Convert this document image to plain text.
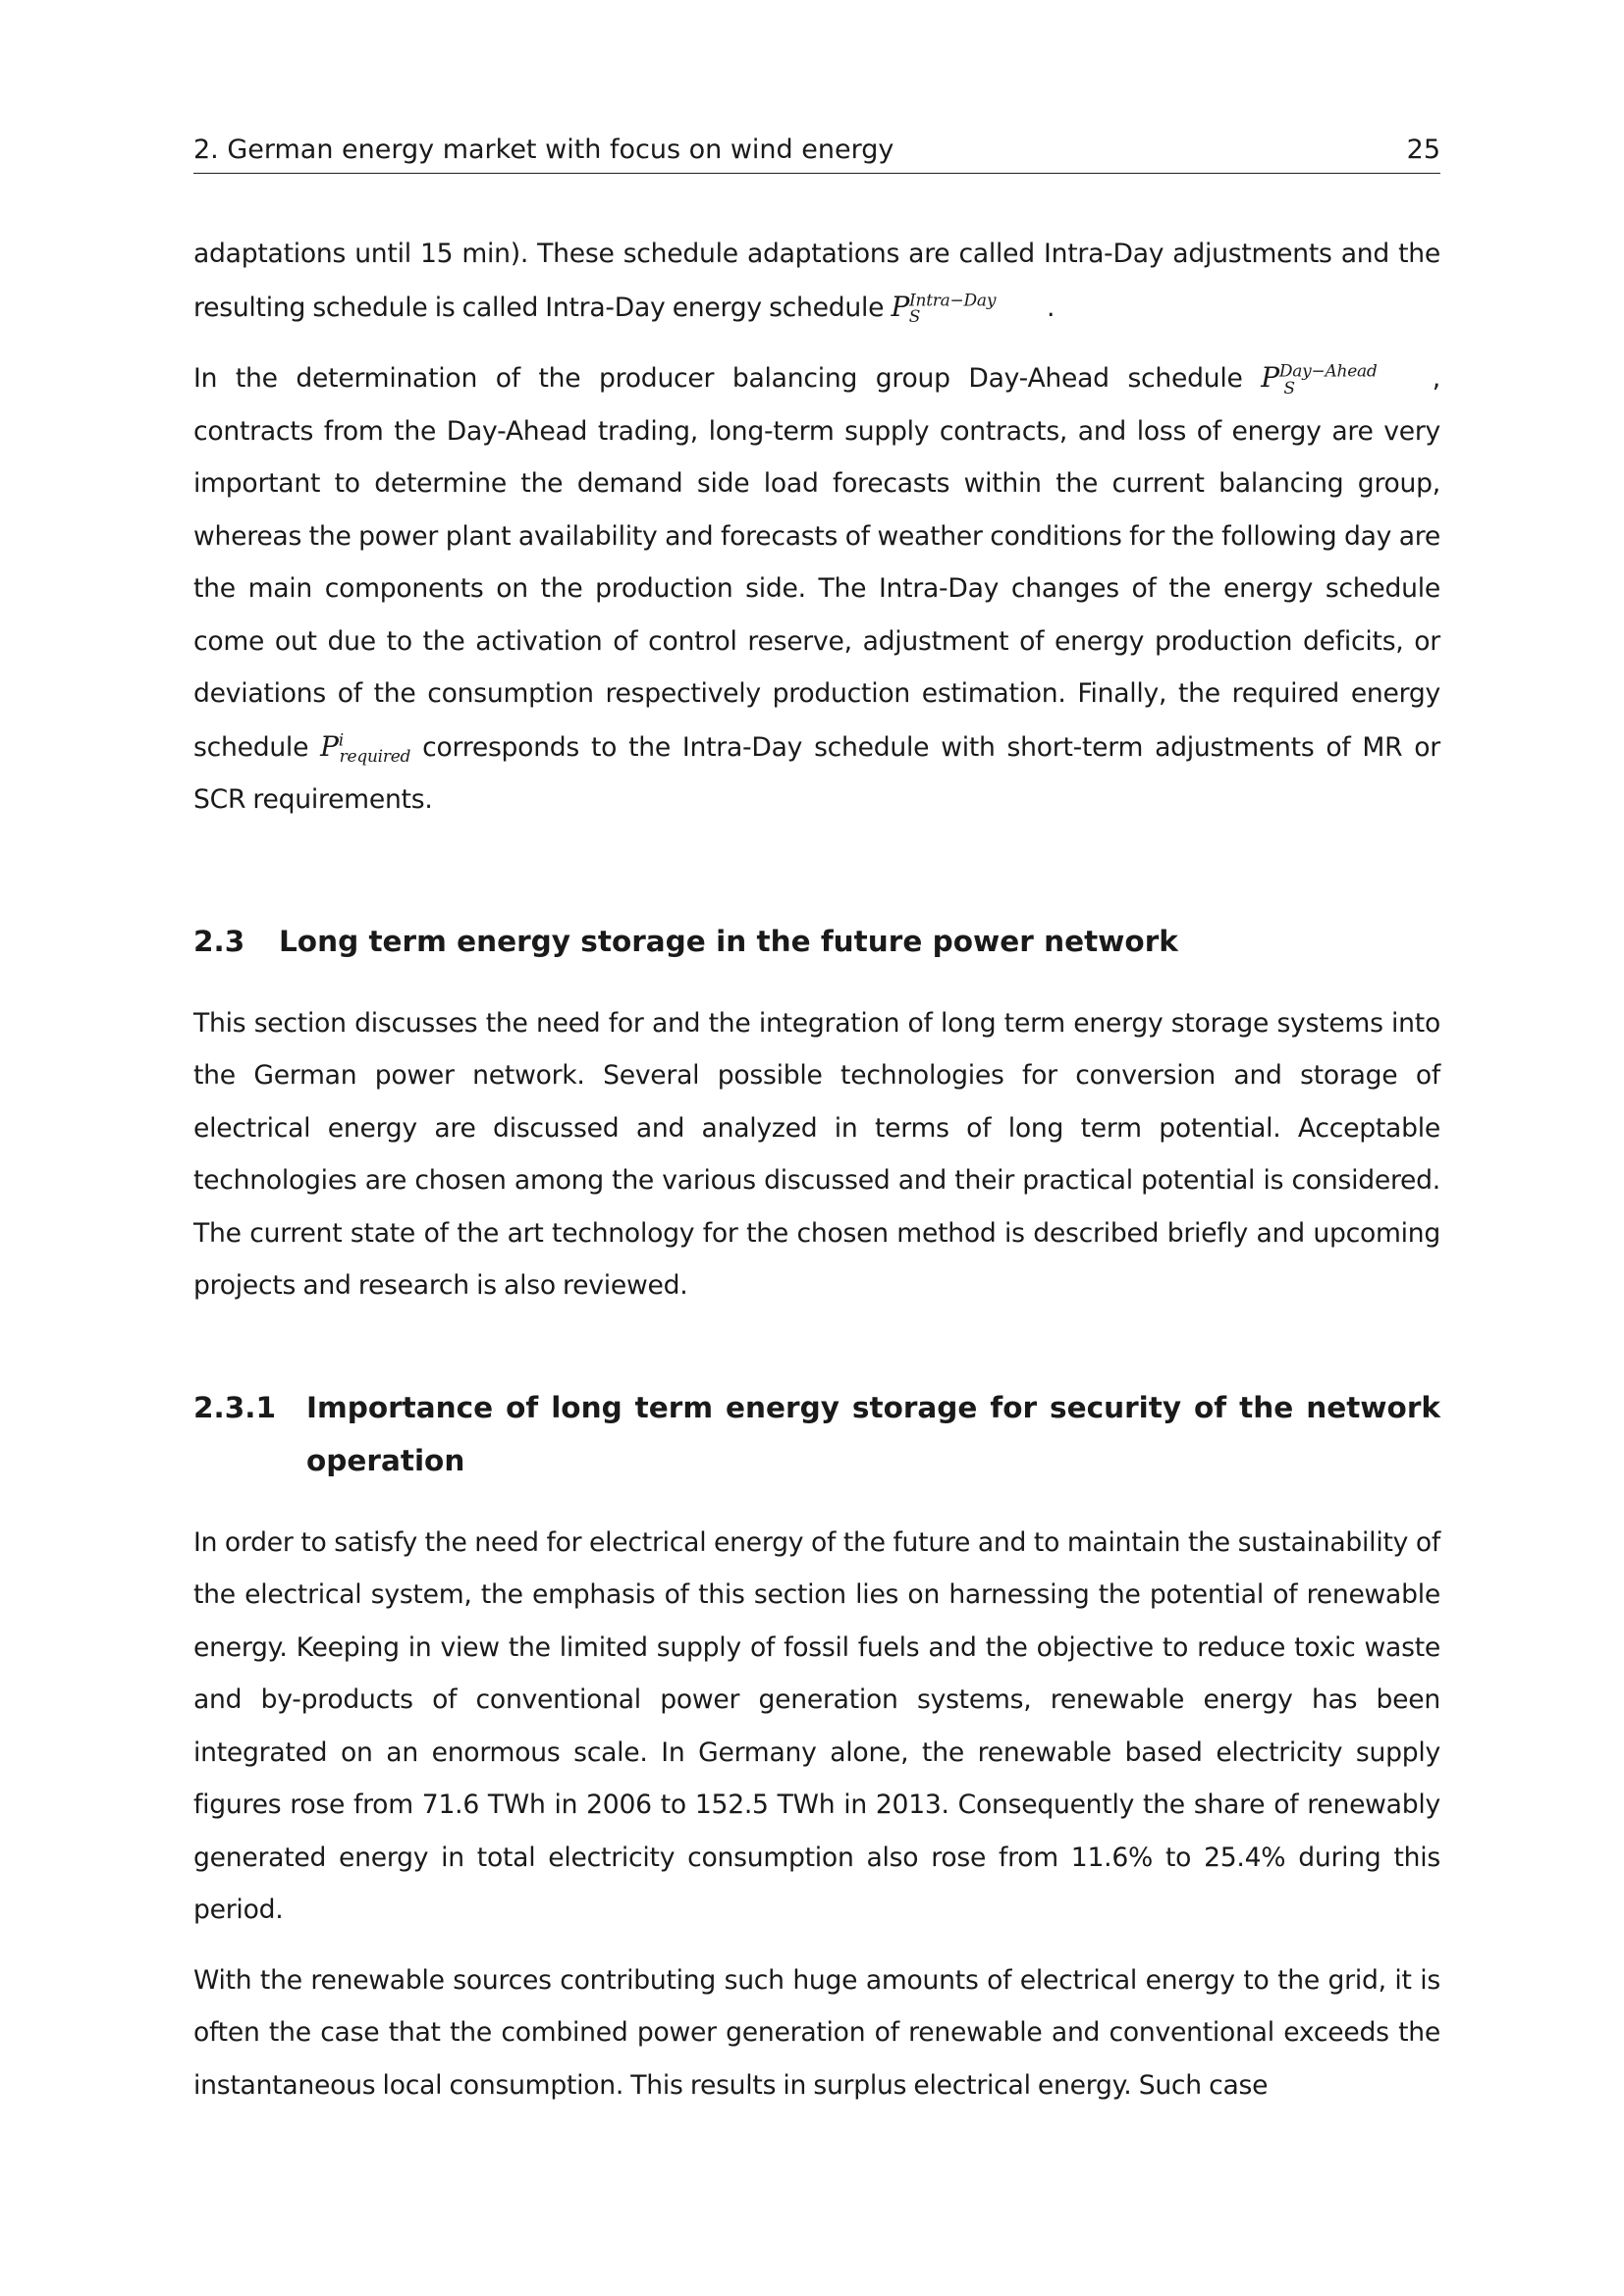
2. German energy market with focus on wind energy	25

adaptations until 15 min). These schedule adaptations are called Intra-Day adjustments and the resulting schedule is called Intra-Day energy schedule $P^{Intra-Day}_S$	.

In the determination of the producer balancing group Day-Ahead schedule $P^{Day-Ahead}_S$	, contracts from the Day-Ahead trading, long-term supply contracts, and loss of energy are very important to determine the demand side load forecasts within the current balancing group, whereas the power plant availability and forecasts of weather conditions for the following day are the main components on the production side. The Intra-Day changes of the energy schedule come out due to the activation of control reserve, adjustment of energy production deficits, or deviations of the consumption respectively production estimation. Finally, the required energy schedule $P^i_{required}$ corresponds to the Intra-Day schedule with short-term adjustments of MR or SCR requirements.

2.3	Long term energy storage in the future power network

This section discusses the need for and the integration of long term energy storage systems into the German power network. Several possible technologies for conversion and storage of electrical energy are discussed and analyzed in terms of long term potential. Acceptable technologies are chosen among the various discussed and their practical potential is considered. The current state of the art technology for the chosen method is described briefly and upcoming projects and research is also reviewed.

2.3.1	Importance of long term energy storage for security of the network operation

In order to satisfy the need for electrical energy of the future and to maintain the sustainability of the electrical system, the emphasis of this section lies on harnessing the potential of renewable energy. Keeping in view the limited supply of fossil fuels and the objective to reduce toxic waste and by-products of conventional power generation systems, renewable energy has been integrated on an enormous scale. In Germany alone, the renewable based electricity supply figures rose from 71.6 TWh in 2006 to 152.5 TWh in 2013. Consequently the share of renewably generated energy in total electricity consumption also rose from 11.6% to 25.4% during this period.

With the renewable sources contributing such huge amounts of electrical energy to the grid, it is often the case that the combined power generation of renewable and conventional exceeds the instantaneous local consumption. This results in surplus electrical energy. Such case
